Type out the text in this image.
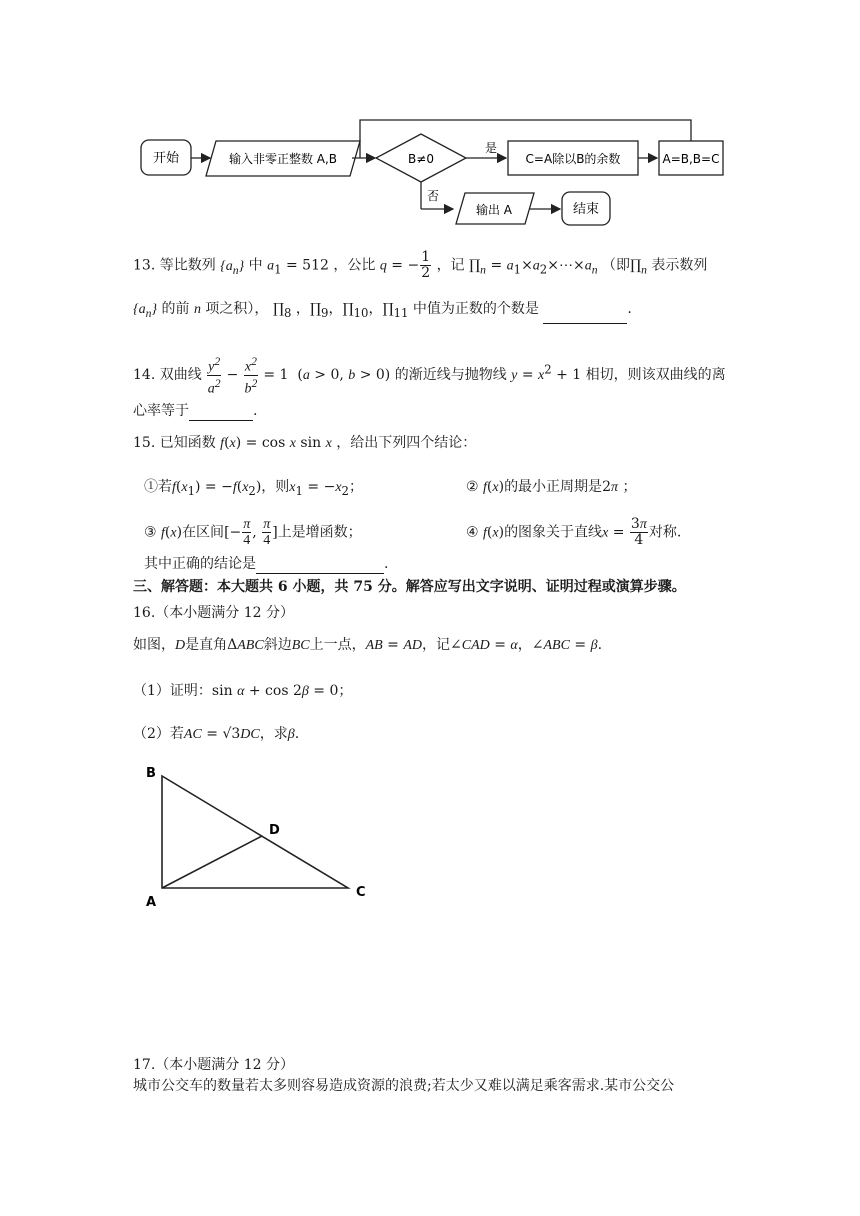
开始	输入非零正整数 A,B	B≠0
是
C=A除以B的余数	A=B,B=C
否
输出 A	结束
13. 等比数列 $\{a_n\}$ 中 $a_1 = 512$ ，公比 q = − $\frac{1}{2}$ ，记 $\prod_n$ = $a_1\times a_2\times\cdots\times a_n$ （即$\prod_n$ 表示数列
$\{a_n\}$ 的前 n 项之积）， $\prod_8$ ，$\prod_9$，$\prod_{10}$，$\prod_{11}$ 中值为正数的个数是	.
14. 双曲线 $\frac{y^2}{a^2} - \frac{x^2}{b^2} = 1$  (a > 0, b > 0) 的渐近线与抛物线 $y = x^2 + 1$ 相切，则该双曲线的离
心率等于	.
15. 已知函数 f(x) = cos x sin x ，给出下列四个结论：
①若$f(x_1) = -f(x_2)$，则$x_1 = -x_2$；	② f(x)的最小正周期是2π ；
③ f(x)在区间[− $\frac{\pi}{4}$ , $\frac{\pi}{4}$ ]上是增函数；	④ f(x)的图象关于直线$x = \frac{3\pi}{4}$ 对称.
其中正确的结论是	.
三、解答题：本大题共 6 小题，共 75 分。解答应写出文字说明、证明过程或演算步骤。
16.（本小题满分 12 分）
如图，D是直角ΔABC斜边BC上一点，AB = AD，记∠CAD = α，∠ABC = β.
（1）证明：sin α + cos 2β = 0；
（2）若AC = √3DC，求β.
B
D
A
C
17.（本小题满分 12 分）
城市公交车的数量若太多则容易造成资源的浪费;若太少又难以满足乘客需求.某市公交公
